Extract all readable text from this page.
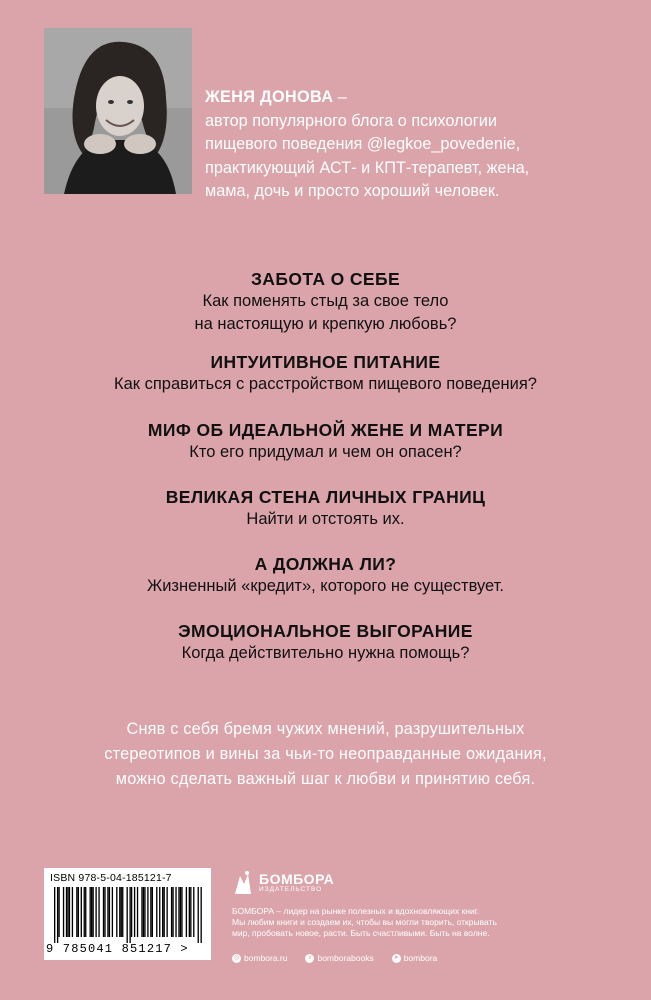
ЖЕНЯ ДОНОВА –
автор популярного блога о психологии
пищевого поведения @legkoe_povedenie,
практикующий АСТ- и КПТ-терапевт, жена,
мама, дочь и просто хороший человек.
ЗАБОТА О СЕБЕ
Как поменять стыд за свое тело
на настоящую и крепкую любовь?
ИНТУИТИВНОЕ ПИТАНИЕ
Как справиться с расстройством пищевого поведения?
МИФ ОБ ИДЕАЛЬНОЙ ЖЕНЕ И МАТЕРИ
Кто его придумал и чем он опасен?
ВЕЛИКАЯ СТЕНА ЛИЧНЫХ ГРАНИЦ
Найти и отстоять их.
А ДОЛЖНА ЛИ?
Жизненный «кредит», которого не существует.
ЭМОЦИОНАЛЬНОЕ ВЫГОРАНИЕ
Когда действительно нужна помощь?
Сняв с себя бремя чужих мнений, разрушительных
стереотипов и вины за чьи-то неоправданные ожидания,
можно сделать важный шаг к любви и принятию себя.
ISBN 978-5-04-185121-7
9 785041 851217 >
БОМБОРА
ИЗДАТЕЛЬСТВО
БОМБОРА – лидер на рынке полезных и вдохновляющих книг.
Мы любим книги и создаем их, чтобы вы могли творить, открывать
мир, пробовать новое, расти. Быть счастливыми. Быть на волне.
◎ bombora.ru	v bomborabooks	➤ bombora
